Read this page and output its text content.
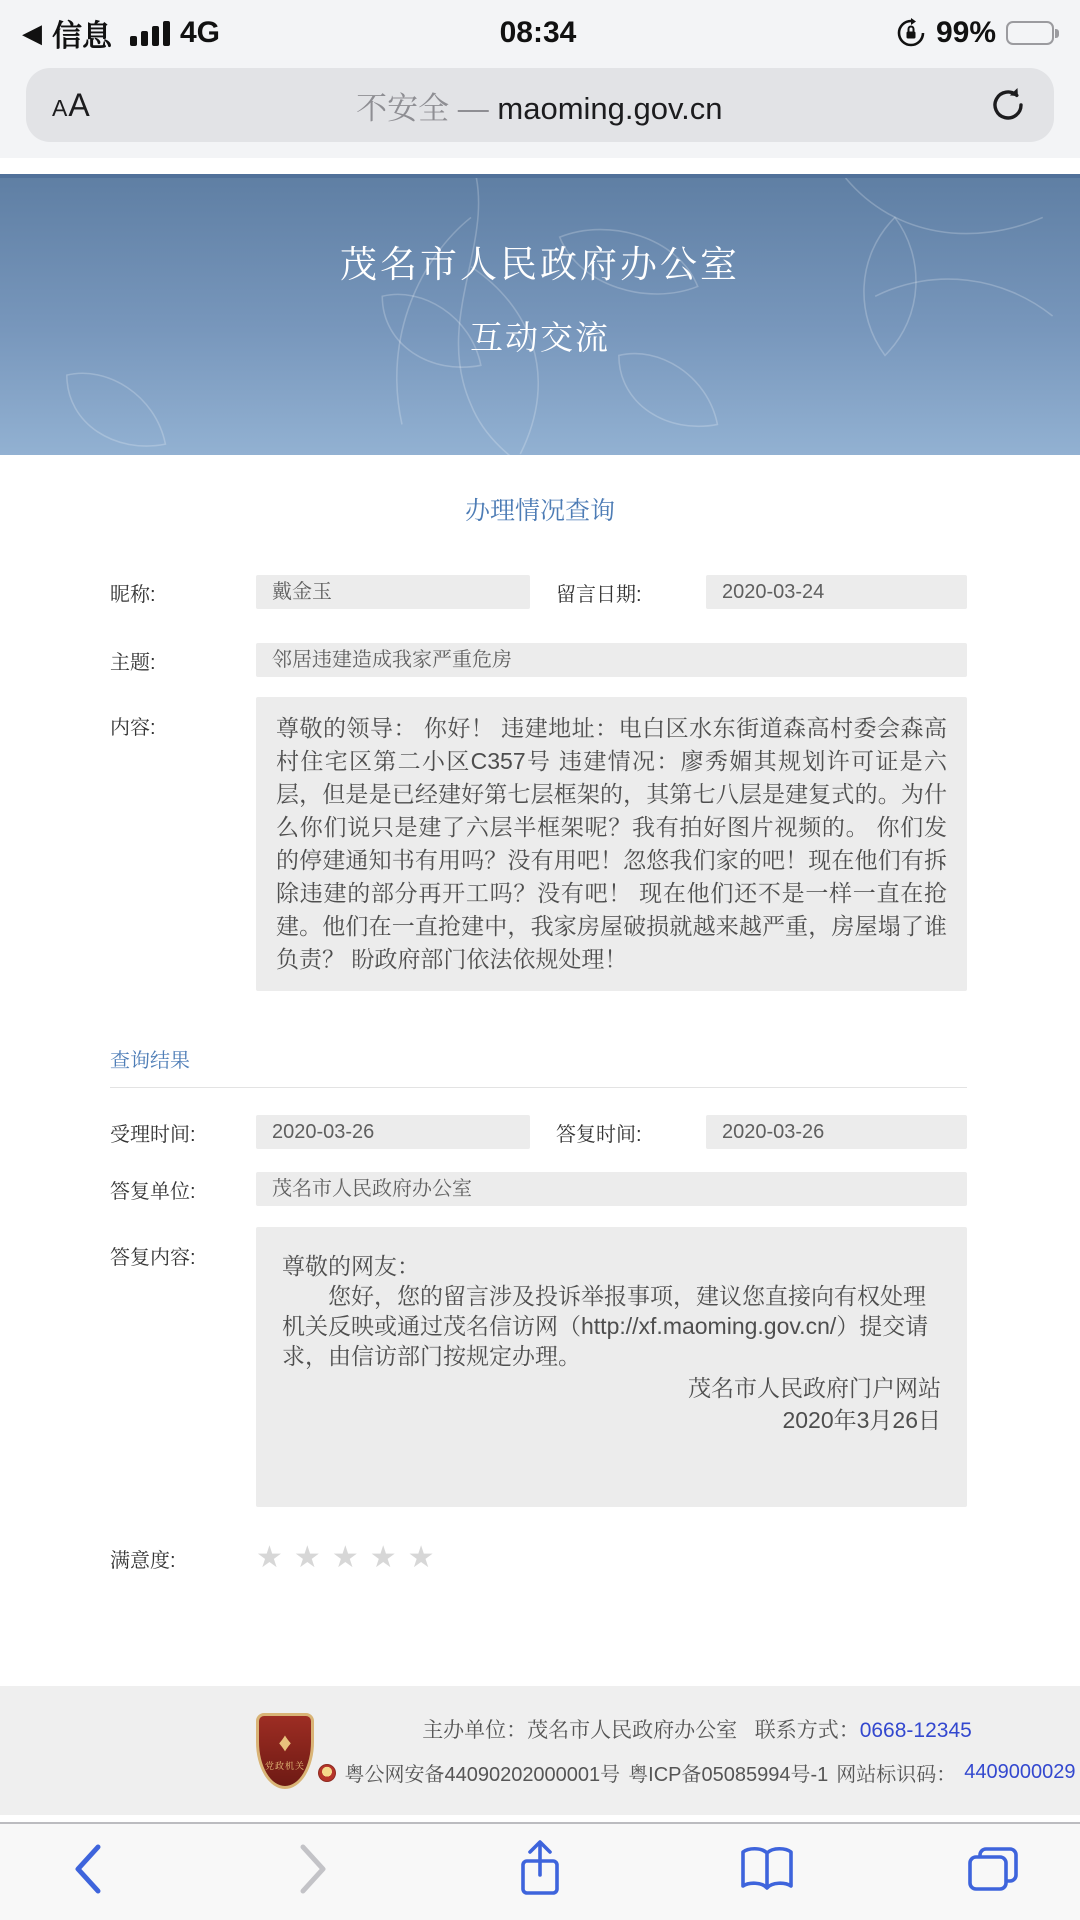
◀ 信息 4G	08:34	99%
AA	不安全 — maoming.gov.cn
茂名市人民政府办公室
互动交流
办理情况查询
昵称:	戴金玉	留言日期:	2020-03-24
主题:	邻居违建造成我家严重危房
内容:	尊敬的领导： 你好！ 违建地址：电白区水东街道森高村委会森高村住宅区第二小区C357号 违建情况：廖秀媚其规划许可证是六层，但是是已经建好第七层框架的，其第七八层是建复式的。为什么你们说只是建了六层半框架呢？我有拍好图片视频的。 你们发的停建通知书有用吗？没有用吧！忽悠我们家的吧！现在他们有拆除违建的部分再开工吗？没有吧！ 现在他们还不是一样一直在抢建。他们在一直抢建中，我家房屋破损就越来越严重，房屋塌了谁负责？ 盼政府部门依法依规处理！
查询结果
受理时间:	2020-03-26	答复时间:	2020-03-26
答复单位:	茂名市人民政府办公室
答复内容:	尊敬的网友：
您好，您的留言涉及投诉举报事项，建议您直接向有权处理机关反映或通过茂名信访网（http://xf.maoming.gov.cn/）提交请求，由信访部门按规定办理。
茂名市人民政府门户网站
2020年3月26日
满意度:	★ ★ ★ ★ ★
♦
党政机关
主办单位：茂名市人民政府办公室 联系方式：0668-12345
粤公网安备44090202000001号 粤ICP备05085994号-1 网站标识码： 4409000029
